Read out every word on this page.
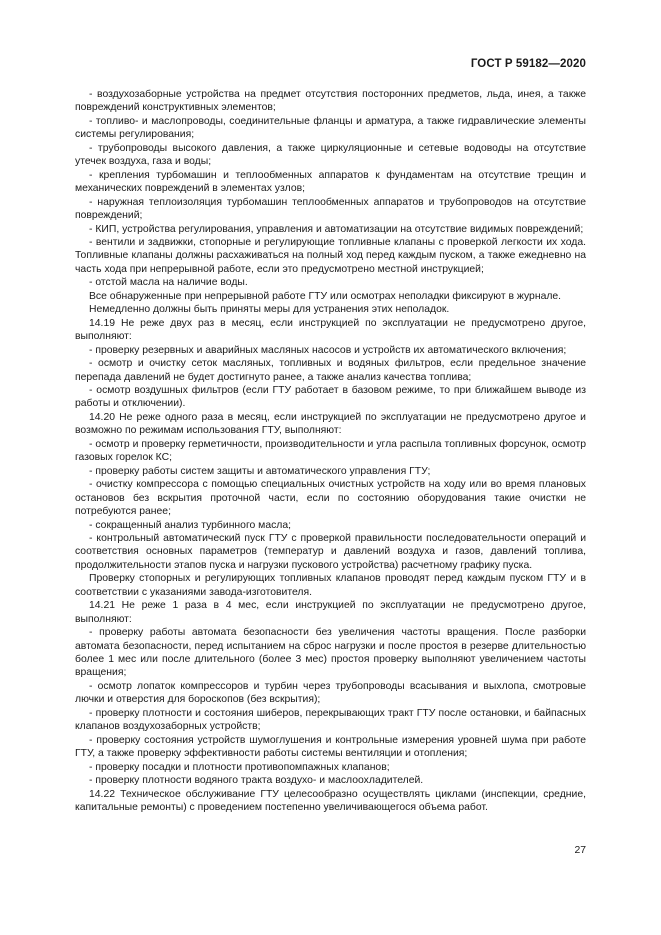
ГОСТ Р 59182—2020

- воздухозаборные устройства на предмет отсутствия посторонних предметов, льда, инея, а также повреждений конструктивных элементов;

- топливо- и маслопроводы, соединительные фланцы и арматура, а также гидравлические элементы системы регулирования;

- трубопроводы высокого давления, а также циркуляционные и сетевые водоводы на отсутствие утечек воздуха, газа и воды;

- крепления турбомашин и теплообменных аппаратов к фундаментам на отсутствие трещин и механических повреждений в элементах узлов;

- наружная теплоизоляция турбомашин теплообменных аппаратов и трубопроводов на отсутствие повреждений;

- КИП, устройства регулирования, управления и автоматизации на отсутствие видимых повреждений;

- вентили и задвижки, стопорные и регулирующие топливные клапаны с проверкой легкости их хода. Топливные клапаны должны расхаживаться на полный ход перед каждым пуском, а также ежедневно на часть хода при непрерывной работе, если это предусмотрено местной инструкцией;

- отстой масла на наличие воды.

Все обнаруженные при непрерывной работе ГТУ или осмотрах неполадки фиксируют в журнале.

Немедленно должны быть приняты меры для устранения этих неполадок.

14.19 Не реже двух раз в месяц, если инструкцией по эксплуатации не предусмотрено другое, выполняют:

- проверку резервных и аварийных масляных насосов и устройств их автоматического включения;

- осмотр и очистку сеток масляных, топливных и водяных фильтров, если предельное значение перепада давлений не будет достигнуто ранее, а также анализ качества топлива;

- осмотр воздушных фильтров (если ГТУ работает в базовом режиме, то при ближайшем выводе из работы и отключении).

14.20 Не реже одного раза в месяц, если инструкцией по эксплуатации не предусмотрено другое и возможно по режимам использования ГТУ, выполняют:

- осмотр и проверку герметичности, производительности и угла распыла топливных форсунок, осмотр газовых горелок КС;

- проверку работы систем защиты и автоматического управления ГТУ;

- очистку компрессора с помощью специальных очистных устройств на ходу или во время плановых остановов без вскрытия проточной части, если по состоянию оборудования такие очистки не потребуются ранее;

- сокращенный анализ турбинного масла;

- контрольный автоматический пуск ГТУ с проверкой правильности последовательности операций и соответствия основных параметров (температур и давлений воздуха и газов, давлений топлива, продолжительности этапов пуска и нагрузки пускового устройства) расчетному графику пуска.

Проверку стопорных и регулирующих топливных клапанов проводят перед каждым пуском ГТУ и в соответствии с указаниями завода-изготовителя.

14.21 Не реже 1 раза в 4 мес, если инструкцией по эксплуатации не предусмотрено другое, выполняют:

- проверку работы автомата безопасности без увеличения частоты вращения. После разборки автомата безопасности, перед испытанием на сброс нагрузки и после простоя в резерве длительностью более 1 мес или после длительного (более 3 мес) простоя проверку выполняют увеличением частоты вращения;

- осмотр лопаток компрессоров и турбин через трубопроводы всасывания и выхлопа, смотровые лючки и отверстия для бороскопов (без вскрытия);

- проверку плотности и состояния шиберов, перекрывающих тракт ГТУ после остановки, и байпасных клапанов воздухозаборных устройств;

- проверку состояния устройств шумоглушения и контрольные измерения уровней шума при работе ГТУ, а также проверку эффективности работы системы вентиляции и отопления;

- проверку посадки и плотности противопомпажных клапанов;

- проверку плотности водяного тракта воздухо- и маслоохладителей.

14.22 Техническое обслуживание ГТУ целесообразно осуществлять циклами (инспекции, средние, капитальные ремонты) с проведением постепенно увеличивающегося объема работ.

27
